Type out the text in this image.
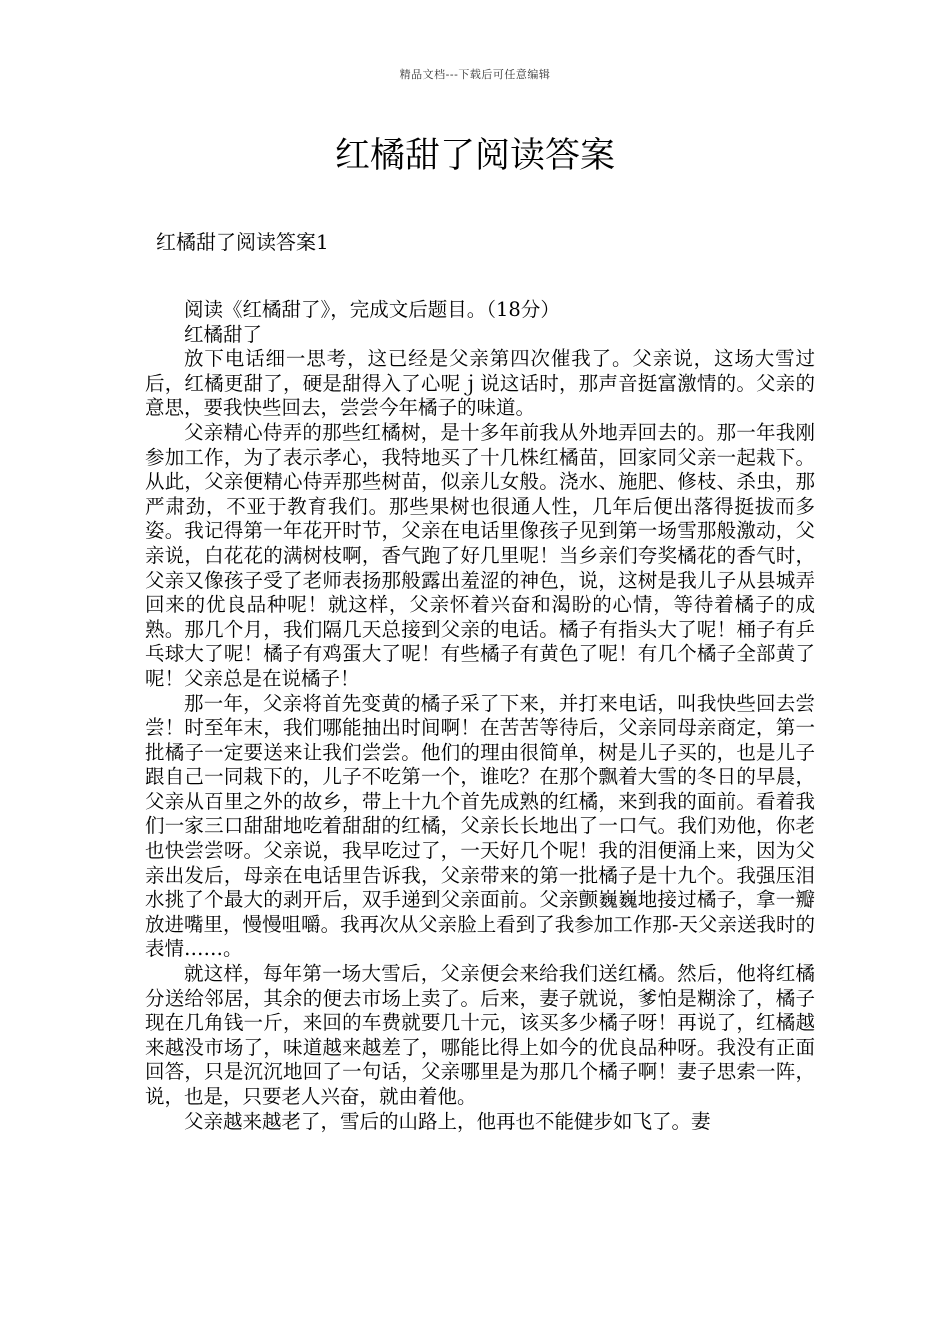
精品文档---下载后可任意编辑
红橘甜了阅读答案
红橘甜了阅读答案1

阅读《红橘甜了》，完成文后题目。（18分）

红橘甜了

放下电话细一思考，这已经是父亲第四次催我了。父亲说，这场大雪过后，红橘更甜了，硬是甜得入了心呢ｊ说这话时，那声音挺富激情的。父亲的意思，要我快些回去，尝尝今年橘子的味道。

父亲精心侍弄的那些红橘树，是十多年前我从外地弄回去的。那一年我刚参加工作，为了表示孝心，我特地买了十几株红橘苗，回家同父亲一起栽下。从此，父亲便精心侍弄那些树苗，似亲儿女般。浇水、施肥、修枝、杀虫，那严肃劲，不亚于教育我们。那些果树也很通人性，几年后便出落得挺拔而多姿。我记得第一年花开时节，父亲在电话里像孩子见到第一场雪那般激动，父亲说，白花花的满树枝啊，香气跑了好几里呢！当乡亲们夸奖橘花的香气时，父亲又像孩子受了老师表扬那般露出羞涩的神色，说，这树是我儿子从县城弄回来的优良品种呢！就这样，父亲怀着兴奋和渴盼的心情，等待着橘子的成熟。那几个月，我们隔几天总接到父亲的电话。橘子有指头大了呢！桶子有乒乓球大了呢！橘子有鸡蛋大了呢！有些橘子有黄色了呢！有几个橘子全部黄了呢！父亲总是在说橘子！

那一年，父亲将首先变黄的橘子采了下来，并打来电话，叫我快些回去尝尝！时至年末，我们哪能抽出时间啊！在苦苦等待后，父亲同母亲商定，第一批橘子一定要送来让我们尝尝。他们的理由很简单，树是儿子买的，也是儿子跟自己一同栽下的，儿子不吃第一个，谁吃？在那个飘着大雪的冬日的早晨，父亲从百里之外的故乡，带上十九个首先成熟的红橘，来到我的面前。看着我们一家三口甜甜地吃着甜甜的红橘，父亲长长地出了一口气。我们劝他，你老也快尝尝呀。父亲说，我早吃过了，一天好几个呢！我的泪便涌上来，因为父亲出发后，母亲在电话里告诉我，父亲带来的第一批橘子是十九个。我强压泪水挑了个最大的剥开后，双手递到父亲面前。父亲颤巍巍地接过橘子，拿一瓣放进嘴里，慢慢咀嚼。我再次从父亲脸上看到了我参加工作那-天父亲送我时的表情……。

就这样，每年第一场大雪后，父亲便会来给我们送红橘。然后，他将红橘分送给邻居，其余的便去市场上卖了。后来，妻子就说，爹怕是糊涂了，橘子现在几角钱一斤，来回的车费就要几十元，该买多少橘子呀！再说了，红橘越来越没市场了，味道越来越差了，哪能比得上如今的优良品种呀。我没有正面回答，只是沉沉地回了一句话，父亲哪里是为那几个橘子啊！妻子思索一阵，说，也是，只要老人兴奋，就由着他。

父亲越来越老了，雪后的山路上，他再也不能健步如飞了。妻
